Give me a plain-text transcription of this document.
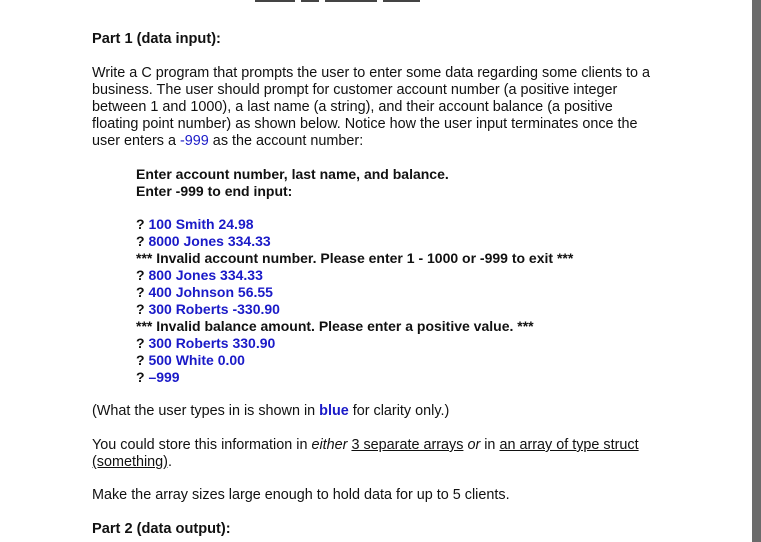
Part 1 (data input):
Write a C program that prompts the user to enter some data regarding some clients to a
business. The user should prompt for customer account number (a positive integer
between 1 and 1000), a last name (a string), and their account balance (a positive
floating point number) as shown below. Notice how the user input terminates once the
user enters a -999 as the account number:
Enter account number, last name, and balance.
Enter -999 to end input:
? 100 Smith 24.98
? 8000 Jones 334.33
*** Invalid account number. Please enter 1 - 1000 or -999 to exit ***
? 800 Jones 334.33
? 400 Johnson 56.55
? 300 Roberts -330.90
*** Invalid balance amount. Please enter a positive value. ***
? 300 Roberts 330.90
? 500 White 0.00
? –999
(What the user types in is shown in blue for clarity only.)
You could store this information in either 3 separate arrays or in an array of type struct
(something).
Make the array sizes large enough to hold data for up to 5 clients.
Part 2 (data output):
